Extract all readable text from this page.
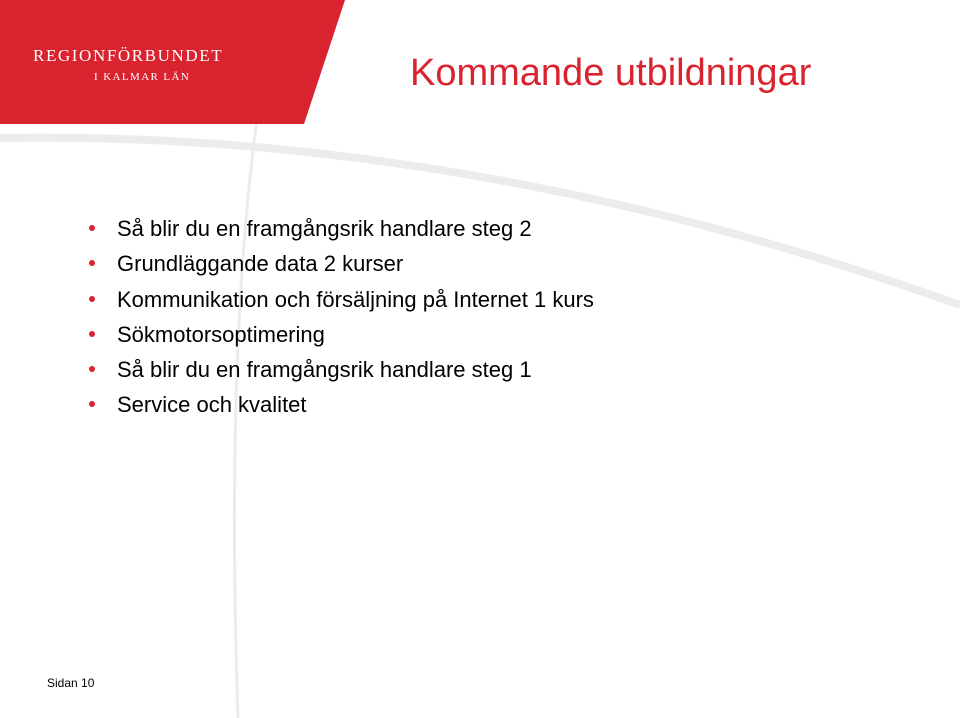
REGIONFÖRBUNDET
I KALMAR LÄN	Kommande utbildningar
Så blir du en framgångsrik handlare steg 2
Grundläggande data 2 kurser
Kommunikation och försäljning på Internet 1 kurs
Sökmotorsoptimering
Så blir du en framgångsrik handlare steg 1
Service och kvalitet
Sidan 10
